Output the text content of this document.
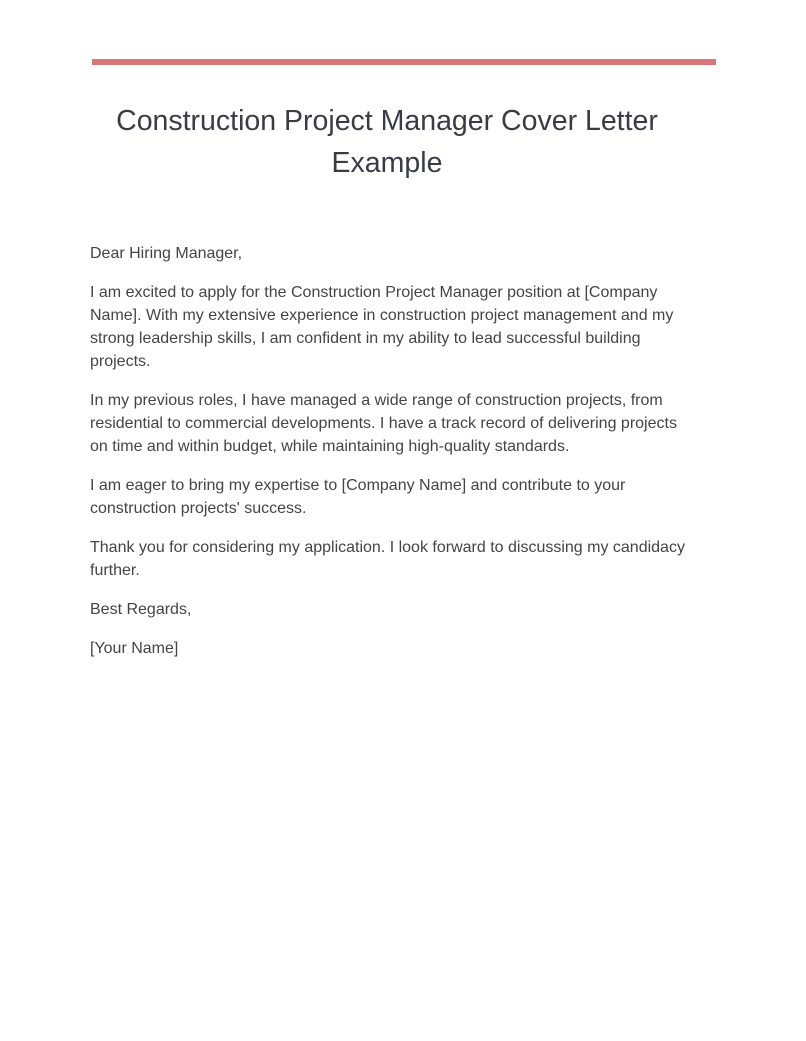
Construction Project Manager Cover Letter Example

Dear Hiring Manager,

I am excited to apply for the Construction Project Manager position at [Company Name]. With my extensive experience in construction project management and my strong leadership skills, I am confident in my ability to lead successful building projects.

In my previous roles, I have managed a wide range of construction projects, from residential to commercial developments. I have a track record of delivering projects on time and within budget, while maintaining high-quality standards.

I am eager to bring my expertise to [Company Name] and contribute to your construction projects' success.

Thank you for considering my application. I look forward to discussing my candidacy further.

Best Regards,

[Your Name]
